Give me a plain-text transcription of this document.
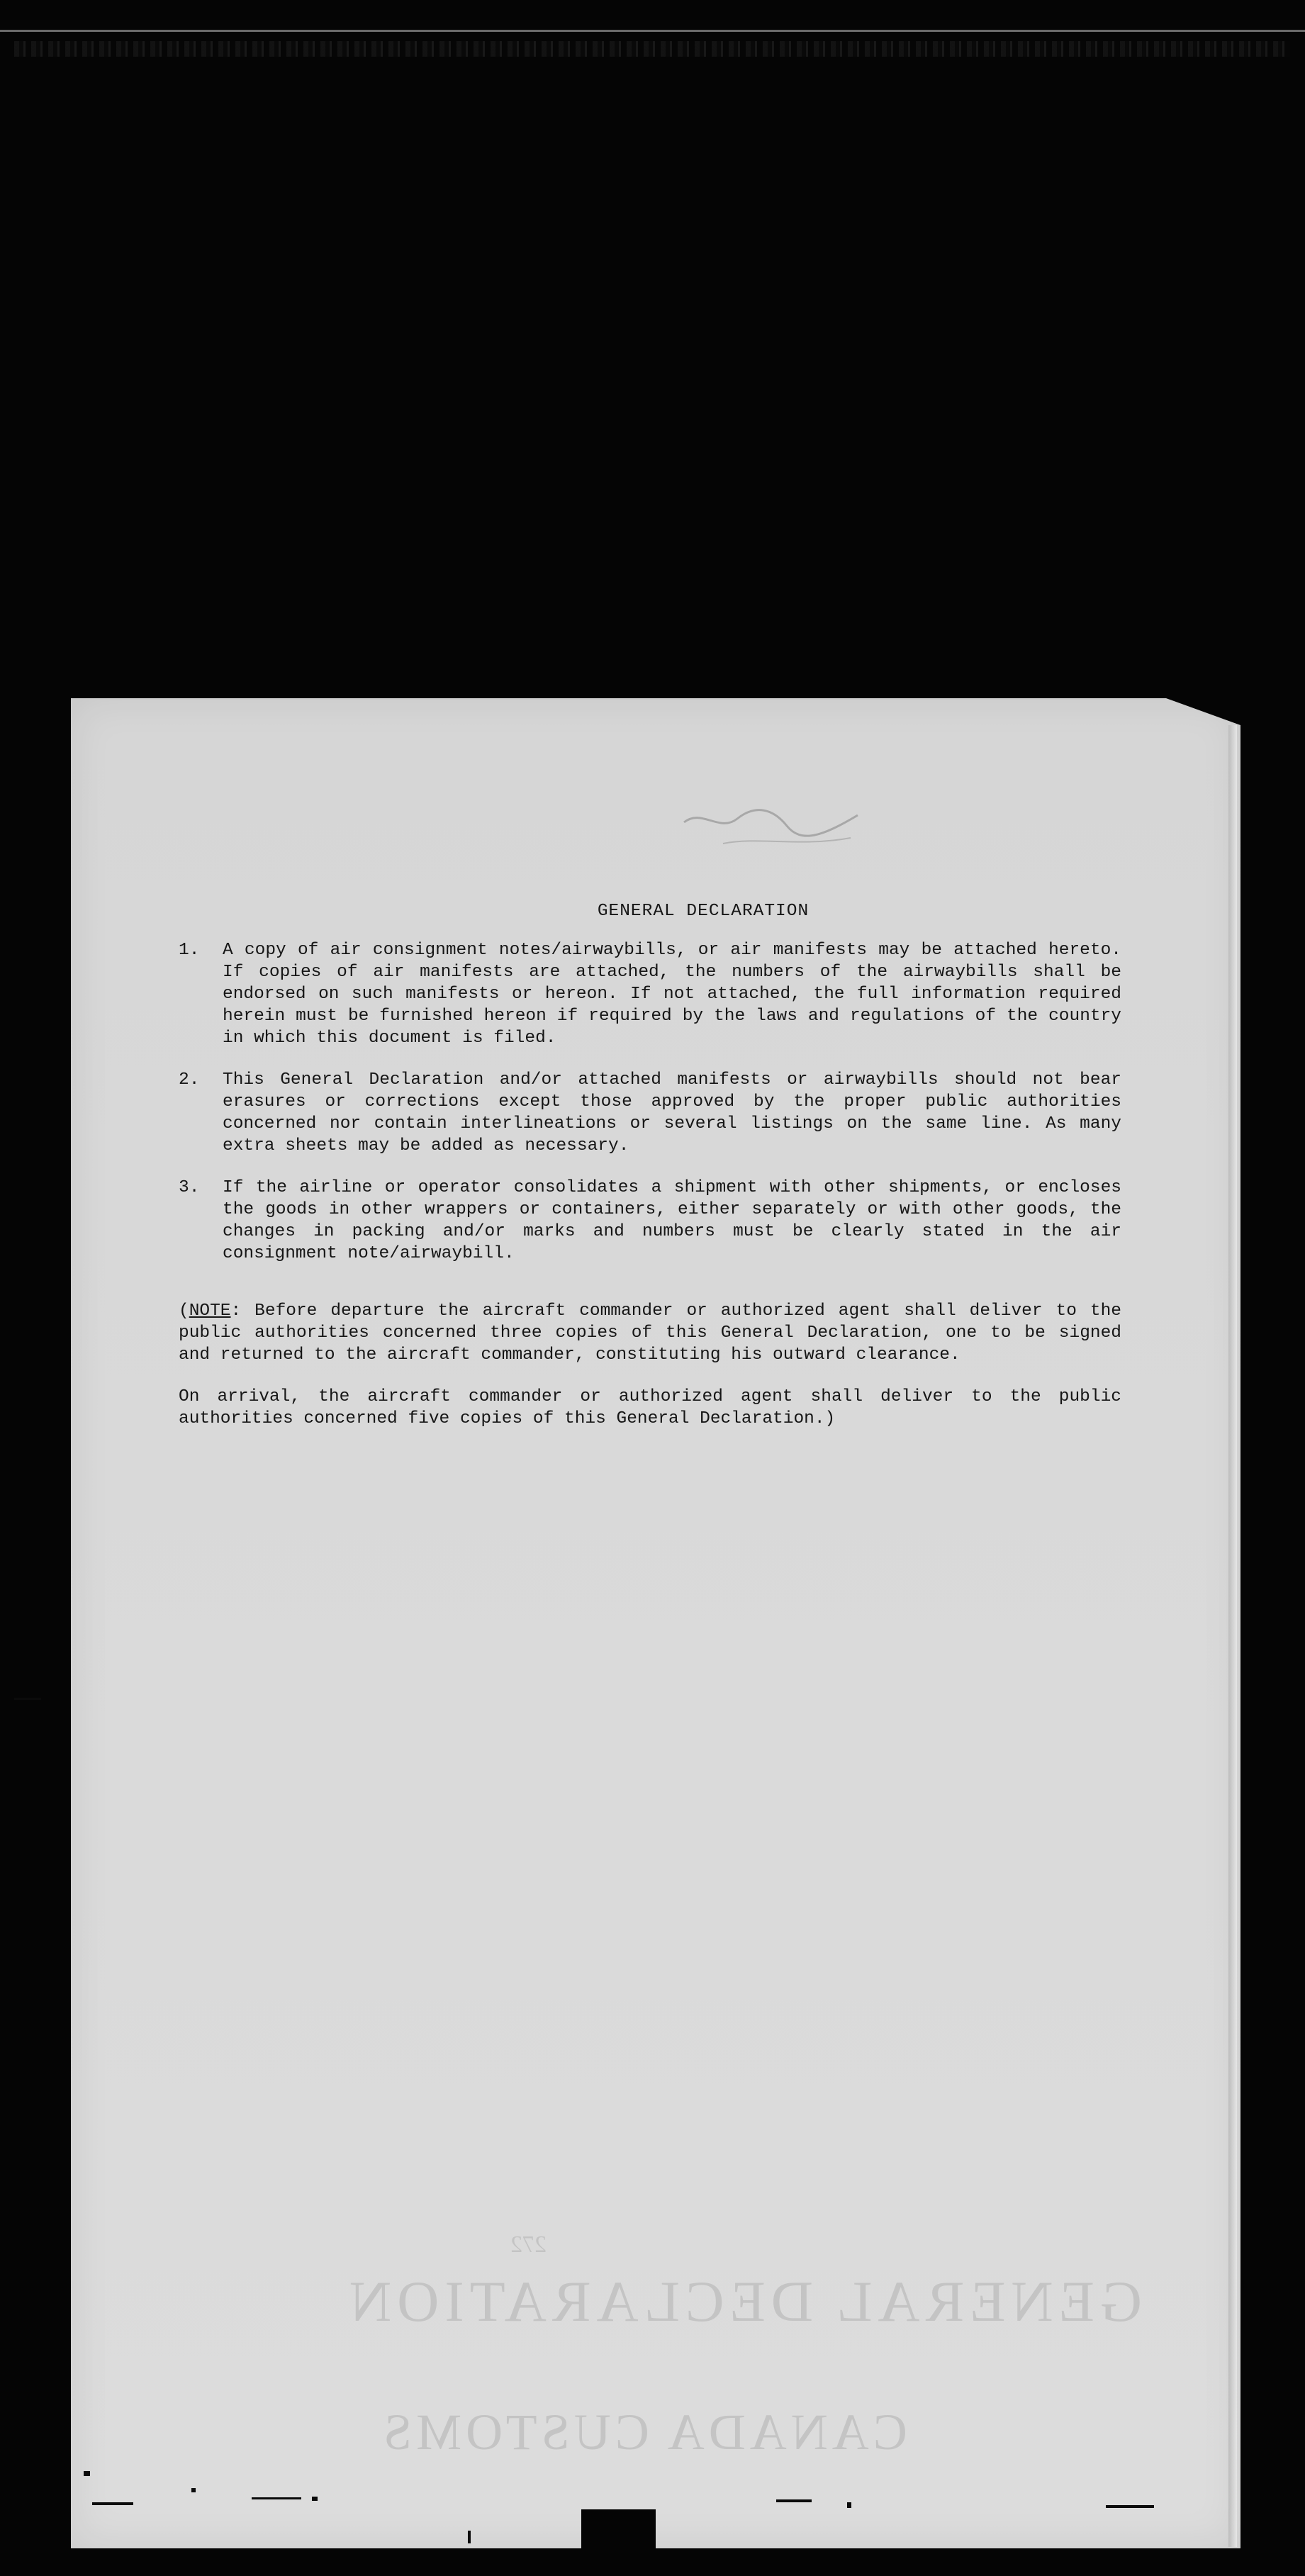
272
GENERAL DECLARATION
CANADA CUSTOMS
GENERAL DECLARATION
1.	A copy of air consignment notes/airwaybills, or air manifests may be attached hereto. If copies of air manifests are attached, the numbers of the airwaybills shall be endorsed on such manifests or hereon. If not attached, the full information required herein must be furnished hereon if required by the laws and regulations of the country in which this document is filed.
2.	This General Declaration and/or attached manifests or airwaybills should not bear erasures or corrections except those approved by the proper public authorities concerned nor contain interlineations or several listings on the same line. As many extra sheets may be added as necessary.
3.	If the airline or operator consolidates a shipment with other shipments, or encloses the goods in other wrappers or containers, either separately or with other goods, the changes in packing and/or marks and numbers must be clearly stated in the air consignment note/airwaybill.
(NOTE: Before departure the aircraft commander or authorized agent shall deliver to the public authorities concerned three copies of this General Declaration, one to be signed and returned to the aircraft commander, constituting his outward clearance.
On arrival, the aircraft commander or authorized agent shall deliver to the public authorities concerned five copies of this General Declaration.)
